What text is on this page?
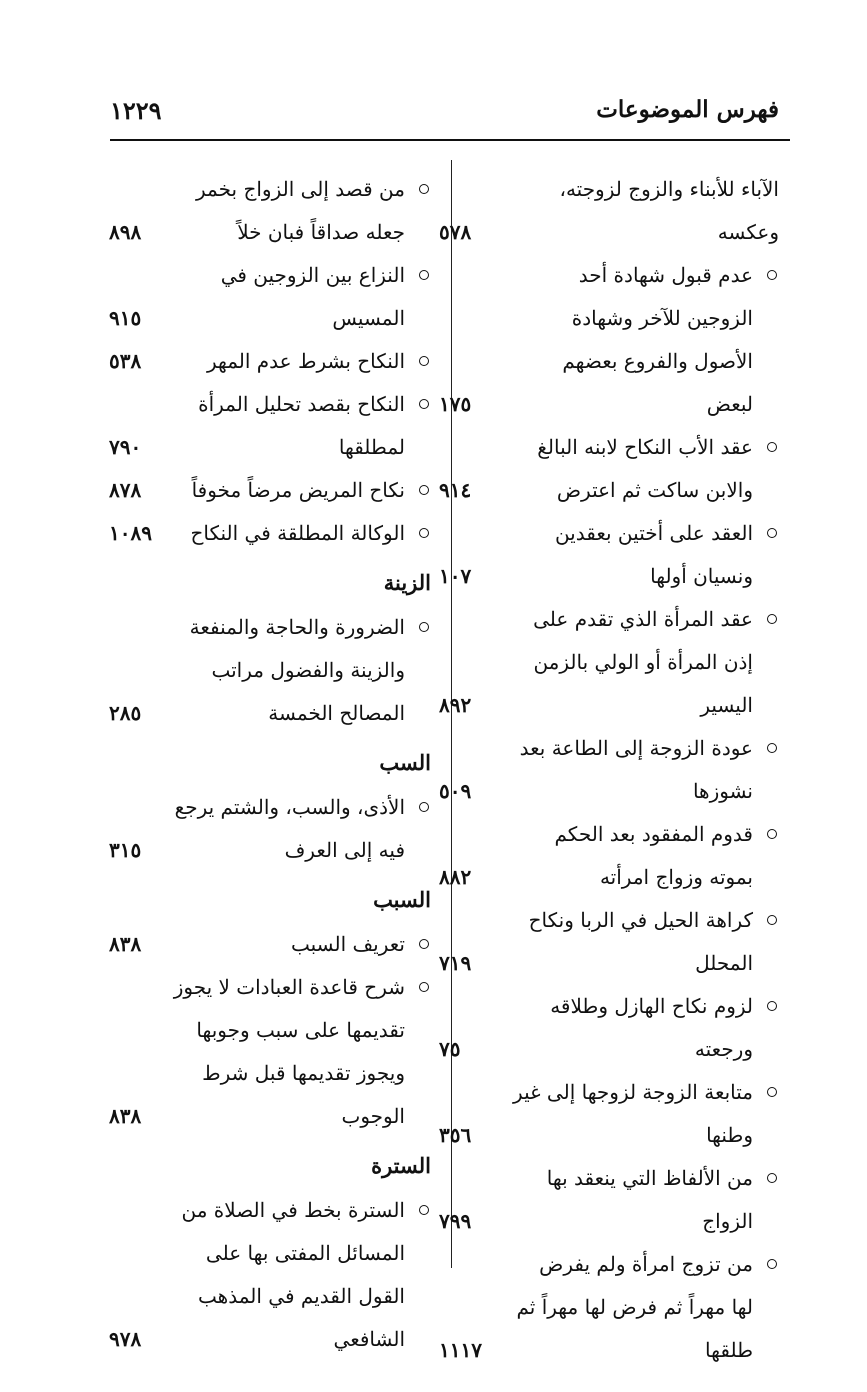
فهرس الموضوعات
١٢٢٩
الآباء للأبناء والزوج لزوجته، وعكسه
٥٧٨
عدم قبول شهادة أحد الزوجين للآخر وشهادة الأصول والفروع بعضهم لبعض
١٧٥
عقد الأب النكاح لابنه البالغ والابن ساكت ثم اعترض
٩١٤
العقد على أختين بعقدين ونسيان أولها
١٠٧
عقد المرأة الذي تقدم على إذن المرأة أو الولي بالزمن اليسير
٨٩٢
عودة الزوجة إلى الطاعة بعد نشوزها
٥٠٩
قدوم المفقود بعد الحكم بموته وزواج امرأته
٨٨٢
كراهة الحيل في الربا ونكاح المحلل
٧١٩
لزوم نكاح الهازل وطلاقه ورجعته
٧٥
متابعة الزوجة لزوجها إلى غير وطنها
٣٥٦
من الألفاظ التي ينعقد بها الزواج
٧٩٩
من تزوج امرأة ولم يفرض لها مهراً ثم فرض لها مهراً ثم طلقها
١١١٧
من قصد إلى الزواج بخمر جعله صداقاً فبان خلاً
٨٩٨
النزاع بين الزوجين في المسيس
٩١٥
النكاح بشرط عدم المهر
٥٣٨
النكاح بقصد تحليل المرأة لمطلقها
٧٩٠
نكاح المريض مرضاً مخوفاً
٨٧٨
الوكالة المطلقة في النكاح
١٠٨٩
الزينة
الضرورة والحاجة والمنفعة والزينة والفضول مراتب المصالح الخمسة
٢٨٥
السب
الأذى، والسب، والشتم يرجع فيه إلى العرف
٣١٥
السبب
تعريف السبب
٨٣٨
شرح قاعدة العبادات لا يجوز تقديمها على سبب وجوبها ويجوز تقديمها قبل شرط الوجوب
٨٣٨
السترة
السترة بخط في الصلاة من المسائل المفتى بها على القول القديم في المذهب الشافعي
٩٧٨
